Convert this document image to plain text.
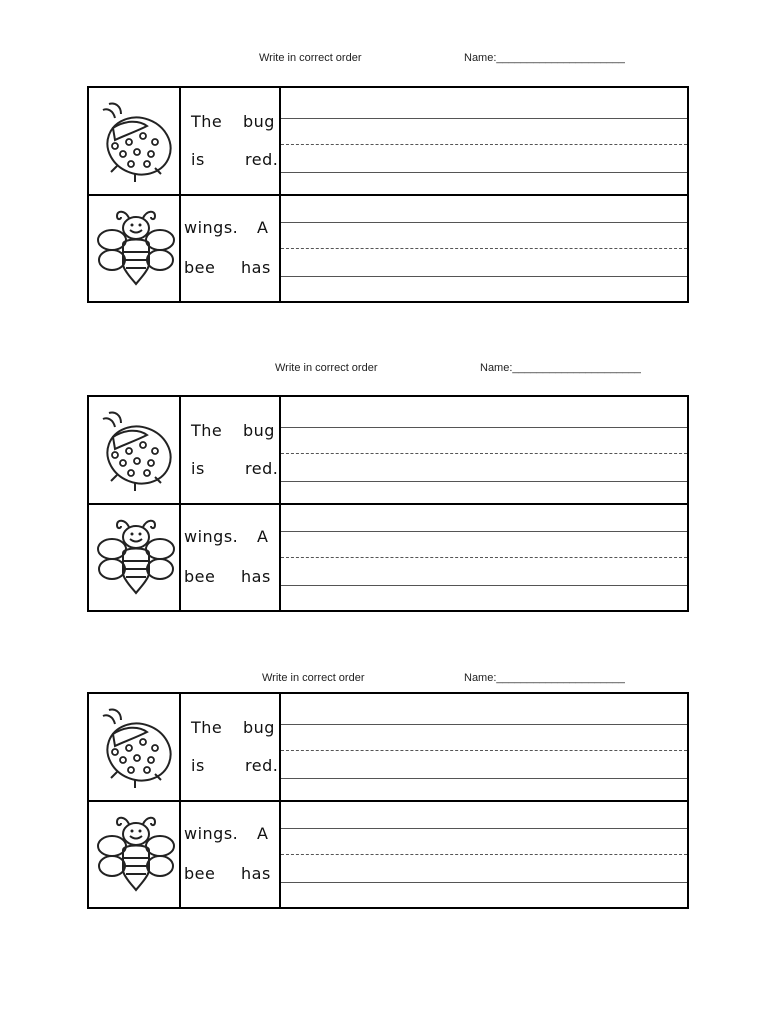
Write in correct order	Name:_____________________
Write in correct order	Name:_____________________
Write in correct order	Name:_____________________
The bug
is	red.
wings. A
bee has
The bug
is	red.
wings. A
bee has
The bug
is	red.
wings. A
bee has
